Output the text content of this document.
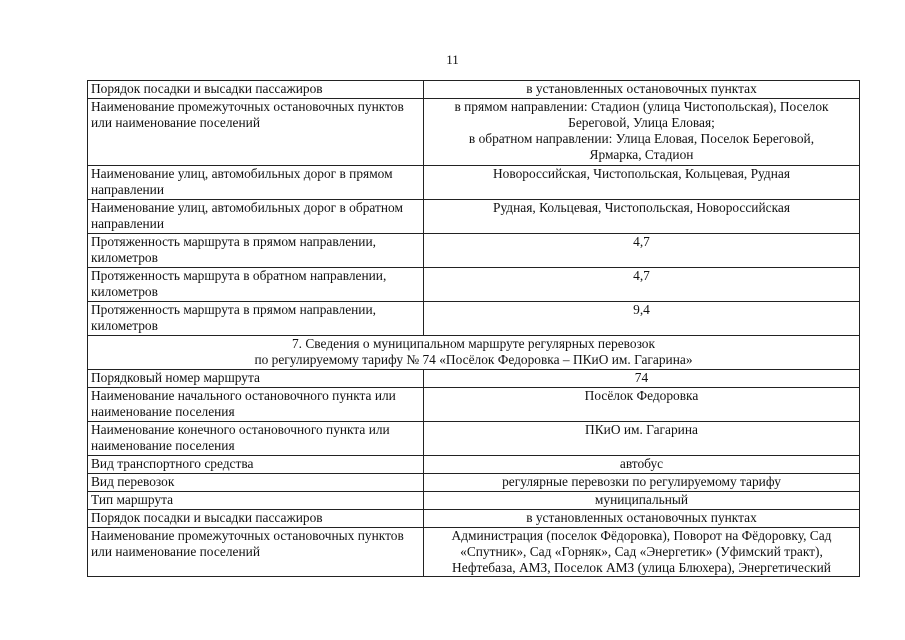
11
Порядок посадки и высадки пассажиров	в установленных остановочных пунктах
Наименование промежуточных остановочных пунктов или наименование поселений	в прямом направлении: Стадион (улица Чистопольская), Поселок
Береговой, Улица Еловая;
в обратном направлении: Улица Еловая, Поселок Береговой,
Ярмарка, Стадион

Наименование улиц, автомобильных дорог в прямом направлении	Новороссийская, Чистопольская, Кольцевая, Рудная
Наименование улиц, автомобильных дорог в обратном направлении	Рудная, Кольцевая, Чистопольская, Новороссийская
Протяженность маршрута в прямом направлении, километров	4,7
Протяженность маршрута в обратном направлении, километров	4,7
Протяженность маршрута в прямом направлении, километров	9,4

7. Сведения о муниципальном маршруте регулярных перевозок
по регулируемому тарифу № 74 «Посёлок Федоровка – ПКиО им. Гагарина»	

Порядковый номер маршрута	74
Наименование начального остановочного пункта или наименование поселения	Посёлок Федоровка
Наименование конечного остановочного пункта или наименование поселения	ПКиО им. Гагарина
Вид транспортного средства	автобус
Вид перевозок	регулярные перевозки по регулируемому тарифу
Тип маршрута	муниципальный
Порядок посадки и высадки пассажиров	в установленных остановочных пунктах
Наименование промежуточных остановочных пунктов или наименование поселений	Администрация (поселок Фёдоровка), Поворот на Фёдоровку, Сад
«Спутник», Сад «Горняк», Сад «Энергетик» (Уфимский тракт),
Нефтебаза, АМЗ, Поселок АМЗ (улица Блюхера), Энергетический
